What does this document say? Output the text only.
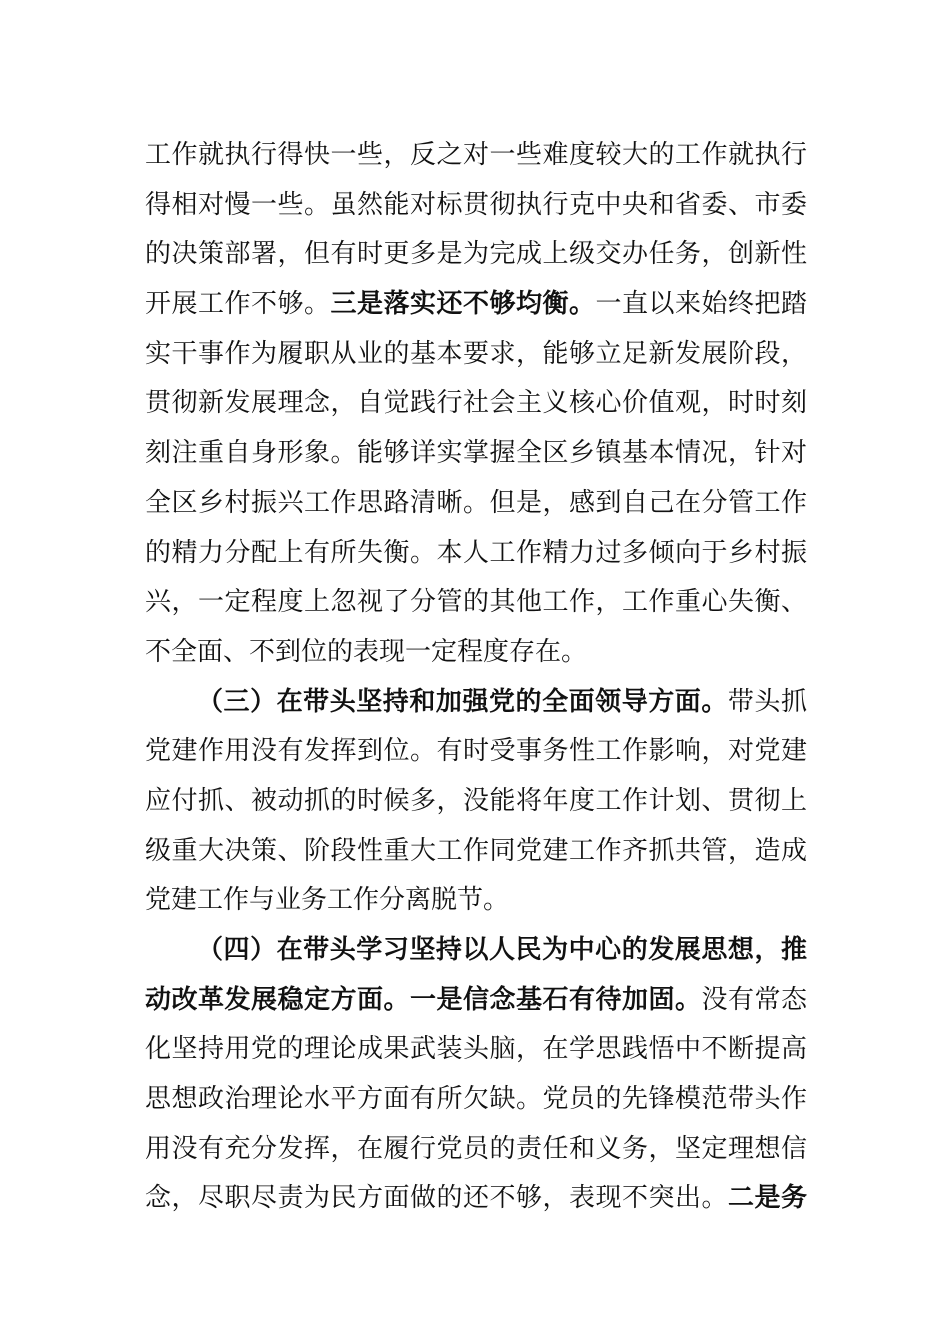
工作就执行得快一些，反之对一些难度较大的工作就执行
得相对慢一些。虽然能对标贯彻执行克中央和省委、市委
的决策部署，但有时更多是为完成上级交办任务，创新性
开展工作不够。三是落实还不够均衡。一直以来始终把踏
实干事作为履职从业的基本要求，能够立足新发展阶段，
贯彻新发展理念，自觉践行社会主义核心价值观，时时刻
刻注重自身形象。能够详实掌握全区乡镇基本情况，针对
全区乡村振兴工作思路清晰。但是，感到自己在分管工作
的精力分配上有所失衡。本人工作精力过多倾向于乡村振
兴，一定程度上忽视了分管的其他工作，工作重心失衡、
不全面、不到位的表现一定程度存在。
（三）在带头坚持和加强党的全面领导方面。带头抓
党建作用没有发挥到位。有时受事务性工作影响，对党建
应付抓、被动抓的时候多，没能将年度工作计划、贯彻上
级重大决策、阶段性重大工作同党建工作齐抓共管，造成
党建工作与业务工作分离脱节。
（四）在带头学习坚持以人民为中心的发展思想，推
动改革发展稳定方面。一是信念基石有待加固。没有常态
化坚持用党的理论成果武装头脑，在学思践悟中不断提高
思想政治理论水平方面有所欠缺。党员的先锋模范带头作
用没有充分发挥，在履行党员的责任和义务，坚定理想信
念，尽职尽责为民方面做的还不够，表现不突出。二是务
